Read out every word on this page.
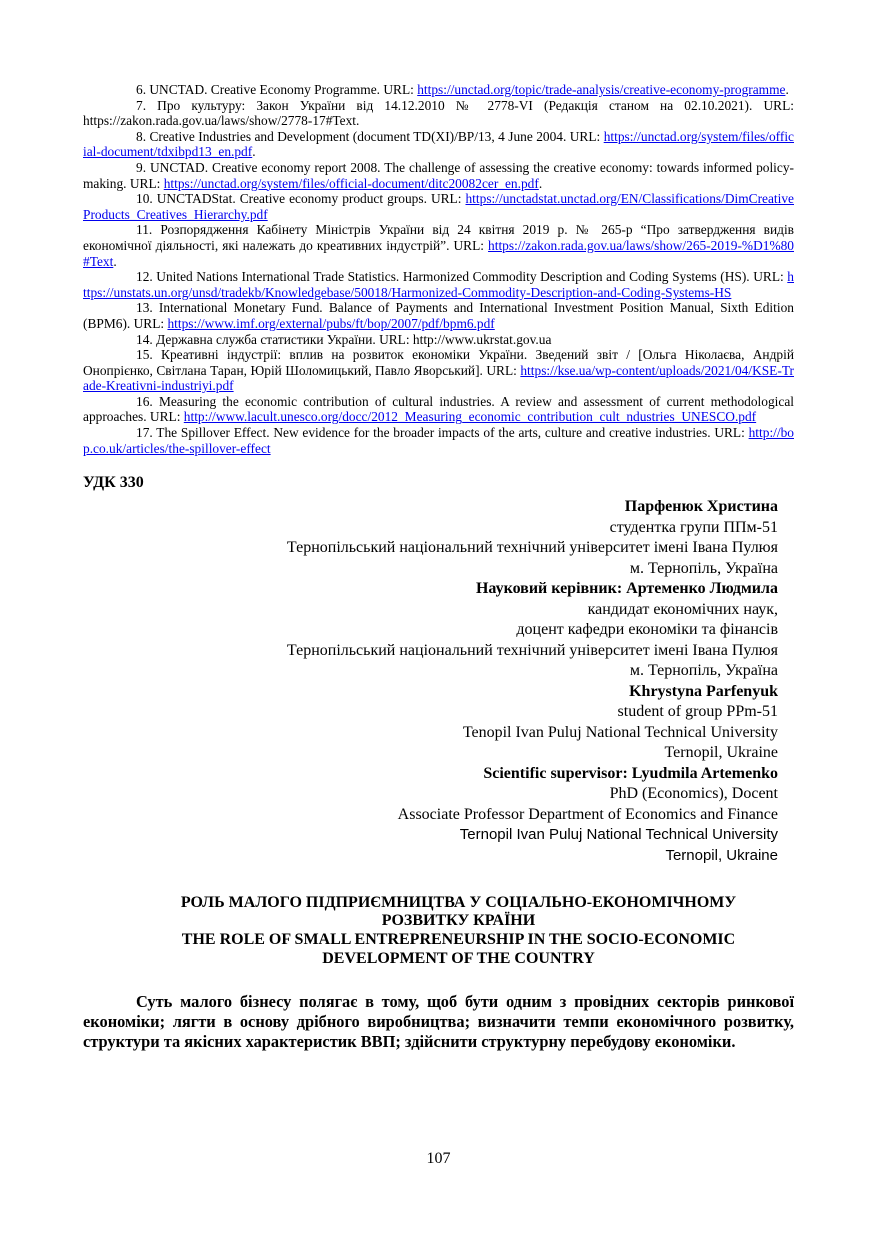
6. UNCTAD. Creative Economy Programme. URL: https://unctad.org/topic/trade-analysis/creative-economy-programme.

7. Про культуру: Закон України від 14.12.2010 № 2778-VI (Редакція станом на 02.10.2021). URL: https://zakon.rada.gov.ua/laws/show/2778-17#Text.

8. Creative Industries and Development (document TD(XI)/BP/13, 4 June 2004. URL: https://unctad.org/system/files/official-document/tdxibpd13_en.pdf.

9. UNCTAD. Creative economy report 2008. The challenge of assessing the creative economy: towards informed policy-making. URL: https://unctad.org/system/files/official-document/ditc20082cer_en.pdf.

10. UNCTADStat. Creative economy product groups. URL: https://unctadstat.unctad.org/EN/Classifications/DimCreativeProducts_Creatives_Hierarchy.pdf

11. Розпорядження Кабінету Міністрів України від 24 квітня 2019 р. № 265-р “Про затвердження видів економічної діяльності, які належать до креативних індустрій”. URL: https://zakon.rada.gov.ua/laws/show/265-2019-%D1%80#Text.

12. United Nations International Trade Statistics. Harmonized Commodity Description and Coding Systems (HS). URL: https://unstats.un.org/unsd/tradekb/Knowledgebase/50018/Harmonized-Commodity-Description-and-Coding-Systems-HS

13. International Monetary Fund. Balance of Payments and International Investment Position Manual, Sixth Edition (BPM6). URL: https://www.imf.org/external/pubs/ft/bop/2007/pdf/bpm6.pdf

14. Державна служба статистики України. URL: http://www.ukrstat.gov.ua

15. Креативні індустрії: вплив на розвиток економіки України. Зведений звіт / [Ольга Ніколаєва, Андрій Онопрієнко, Світлана Таран, Юрій Шоломицький, Павло Яворський]. URL: https://kse.ua/wp-content/uploads/2021/04/KSE-Trade-Kreativni-industriyi.pdf

16. Measuring the economic contribution of cultural industries. A review and assessment of current methodological approaches. URL: http://www.lacult.unesco.org/docc/2012_Measuring_economic_contribution_cult_ndustries_UNESCO.pdf

17. The Spillover Effect. New evidence for the broader impacts of the arts, culture and creative industries. URL: http://bop.co.uk/articles/the-spillover-effect

УДК 330
Парфенюк Христина
студентка групи ППм-51
Тернопільський національний технічний університет імені Івана Пулюя
м. Тернопіль, Україна
Науковий керівник: Артеменко Людмила
кандидат економічних наук,
доцент кафедри економіки та фінансів
Тернопільський національний технічний університет імені Івана Пулюя
м. Тернопіль, Україна
Khrystyna Parfenyuk
student of group PPm-51
Tenopil Ivan Puluj National Technical University
Ternopil, Ukraine
Scientific supervisor: Lyudmila Artemenko
PhD (Economics), Docent
Associate Professor Department of Economics and Finance
Ternopil Ivan Puluj National Technical University
Ternopil, Ukraine
РОЛЬ МАЛОГО ПІДПРИЄМНИЦТВА У СОЦІАЛЬНО-ЕКОНОМІЧНОМУ
РОЗВИТКУ КРАЇНИ
THE ROLE OF SMALL ENTREPRENEURSHIP IN THE SOCIO-ECONOMIC
DEVELOPMENT OF THE COUNTRY

Суть малого бізнесу полягає в тому, щоб бути одним з провідних секторів ринкової економіки; лягти в основу дрібного виробництва; визначити темпи економічного розвитку, структури та якісних характеристик ВВП; здійснити структурну перебудову економіки.

107
